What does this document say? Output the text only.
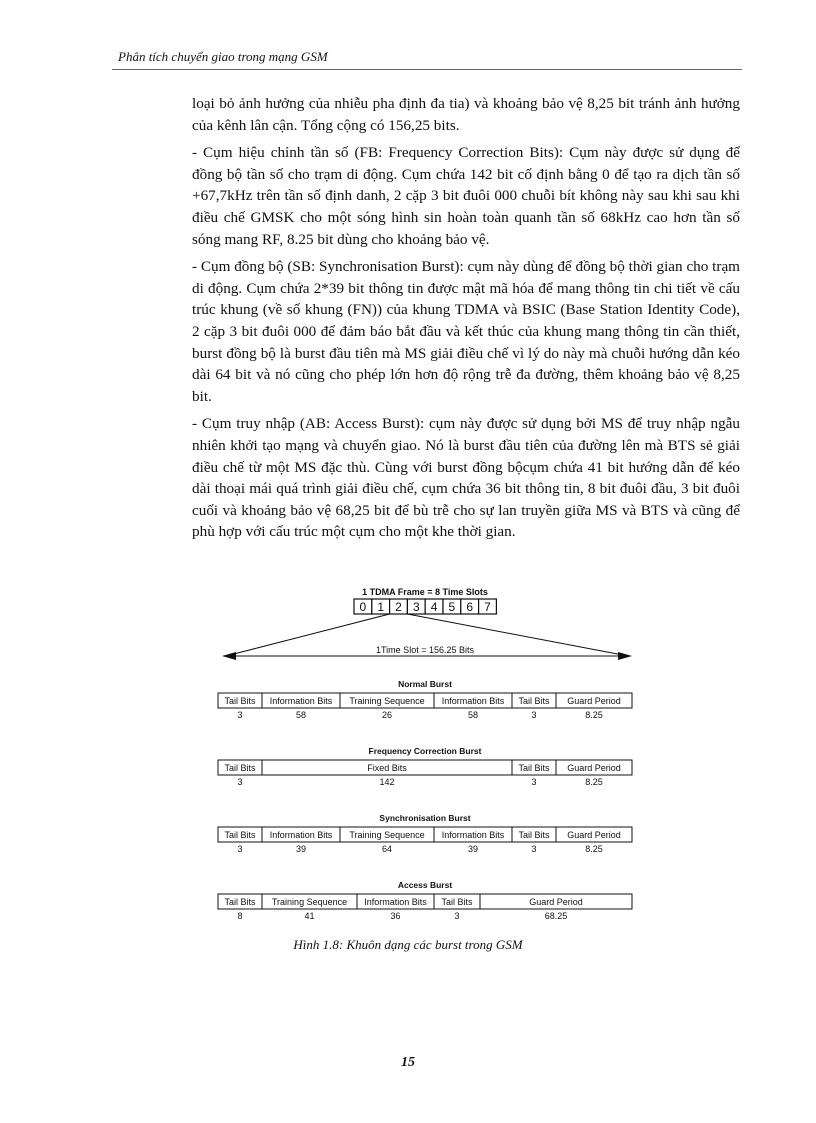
Phân tích chuyển giao trong mạng GSM

loại bỏ ảnh hưởng của nhiễu pha định đa tia) và khoảng bảo vệ 8,25 bit tránh ảnh hưởng của kênh lân cận. Tổng cộng có 156,25 bits.

- Cụm hiệu chỉnh tần số (FB: Frequency Correction Bits): Cụm này được sử dụng để đồng bộ tần số cho trạm di động. Cụm chứa 142 bit cố định bằng 0 để tạo ra dịch tần số +67,7kHz trên tần số định danh, 2 cặp 3 bit đuôi 000 chuỗi bít không này sau khi sau khi điều chế GMSK cho một sóng hình sin hoàn toàn quanh tần số 68kHz cao hơn tần số sóng mang RF, 8.25 bit dùng cho khoảng bảo vệ.

- Cụm đồng bộ (SB: Synchronisation Burst): cụm này dùng để đồng bộ thời gian cho trạm di động. Cụm chứa 2*39 bit thông tin được mật mã hóa để mang thông tin chi tiết về cấu trúc khung (về số khung (FN)) của khung TDMA và BSIC (Base Station Identity Code), 2 cặp 3 bit đuôi 000 để đảm báo bắt đầu và kết thúc của khung mang thông tin cần thiết, burst đồng bộ là burst đầu tiên mà MS giải điều chế vì lý do này mà chuỗi hướng dẫn kéo dài 64 bit và nó cũng cho phép lớn hơn độ rộng trễ đa đường, thêm khoảng bảo vệ 8,25 bit.

- Cụm truy nhập (AB: Access Burst): cụm này được sử dụng bởi MS để truy nhập ngẫu nhiên khởi tạo mạng và chuyển giao. Nó là burst đầu tiên của đường lên mà BTS sẻ giải điều chế từ một MS đặc thù. Cùng với burst đồng bộcụm chứa 41 bit hướng dẫn để kéo dài thoại mái quá trình giải điều chế, cụm chứa 36 bit thông tin, 8 bit đuôi đầu, 3 bit đuôi cuối và khoảng bảo vệ 68,25 bit để bù trễ cho sự lan truyền giữa MS và BTS và cũng để phù hợp với cấu trúc một cụm cho một khe thời gian.

1 TDMA Frame = 8 Time Slots
0 1 2 3 4 5 6 7
1Time Slot = 156.25 Bits
Normal Burst
Tail Bits
3
Information Bits
58
Training Sequence
26
Information Bits
58
Tail Bits
3
Guard Period
8.25
Frequency Correction Burst
Tail Bits
3
Fixed Bits
142
Tail Bits
3
Guard Period
8.25
Synchronisation Burst
Tail Bits
3
Information Bits
39
Training Sequence
64
Information Bits
39
Tail Bits
3
Guard Period
8.25
Access Burst
Tail Bits
8
Training Sequence
41
Information Bits
36
Tail Bits
3
Guard Period
68.25
Hình 1.8: Khuôn dạng các burst trong GSM
15
